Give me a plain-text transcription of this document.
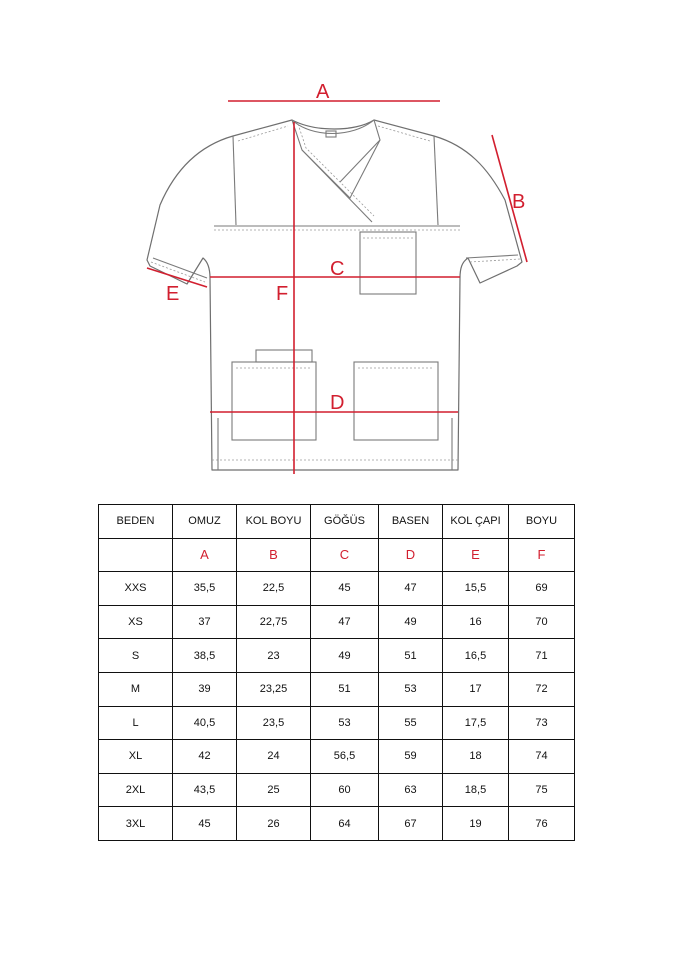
A
B
C
D
E	F
BEDEN	OMUZ	KOL BOYU	GÖĞÜS	BASEN	KOL ÇAPI	BOYU
	A	B	C	D	E	F
XXS	35,5	22,5	45	47	15,5	69
XS	37	22,75	47	49	16	70
S	38,5	23	49	51	16,5	71
M	39	23,25	51	53	17	72
L	40,5	23,5	53	55	17,5	73
XL	42	24	56,5	59	18	74
2XL	43,5	25	60	63	18,5	75
3XL	45	26	64	67	19	76
